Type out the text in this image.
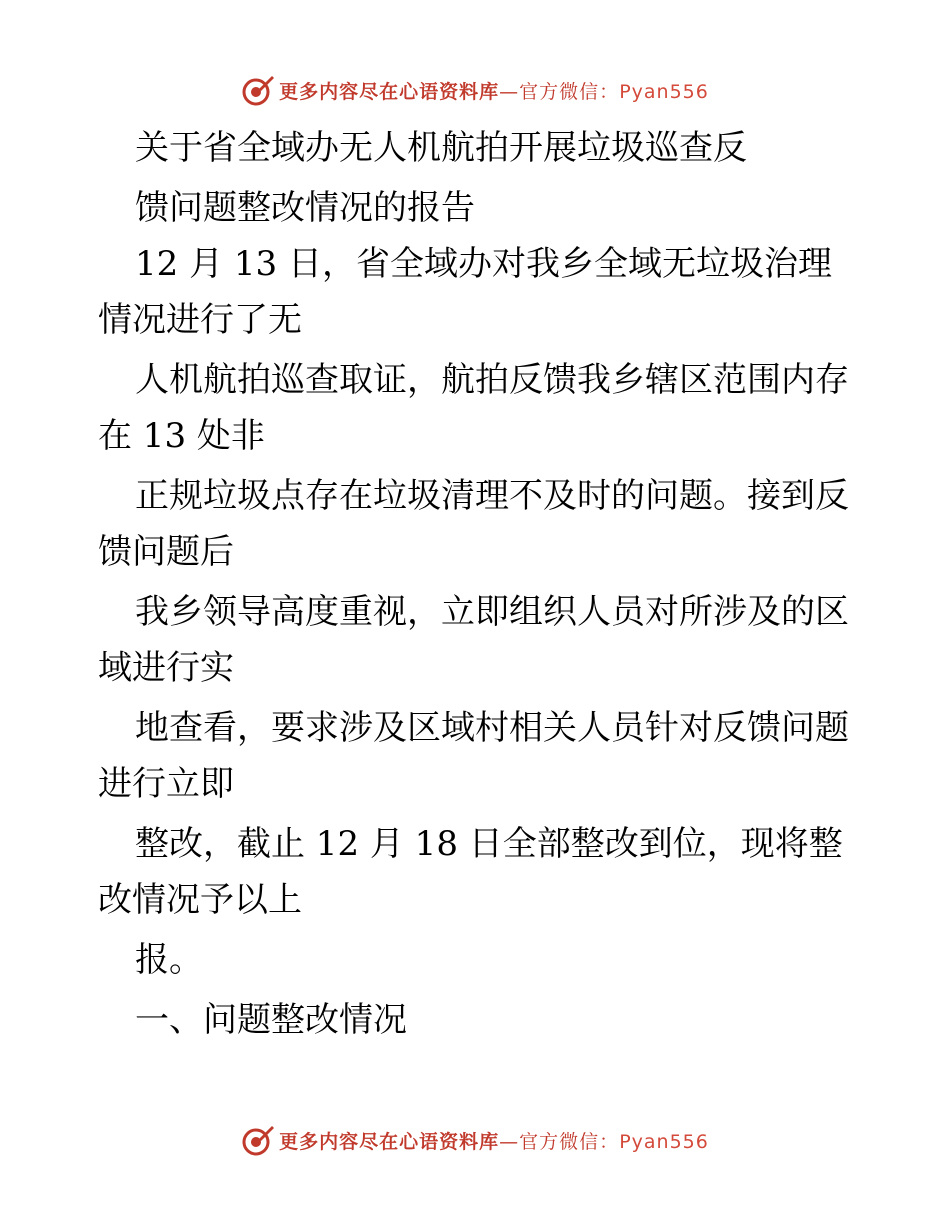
更多内容尽在心语资料库—官方微信：Pyan556
关于省全域办无人机航拍开展垃圾巡查反
馈问题整改情况的报告
12 月 13 日，省全域办对我乡全域无垃圾治理
情况进行了无
人机航拍巡查取证，航拍反馈我乡辖区范围内存
在 13 处非
正规垃圾点存在垃圾清理不及时的问题。接到反
馈问题后
我乡领导高度重视，立即组织人员对所涉及的区
域进行实
地查看，要求涉及区域村相关人员针对反馈问题
进行立即
整改，截止 12 月 18 日全部整改到位，现将整
改情况予以上
报。
一、问题整改情况
更多内容尽在心语资料库—官方微信：Pyan556
